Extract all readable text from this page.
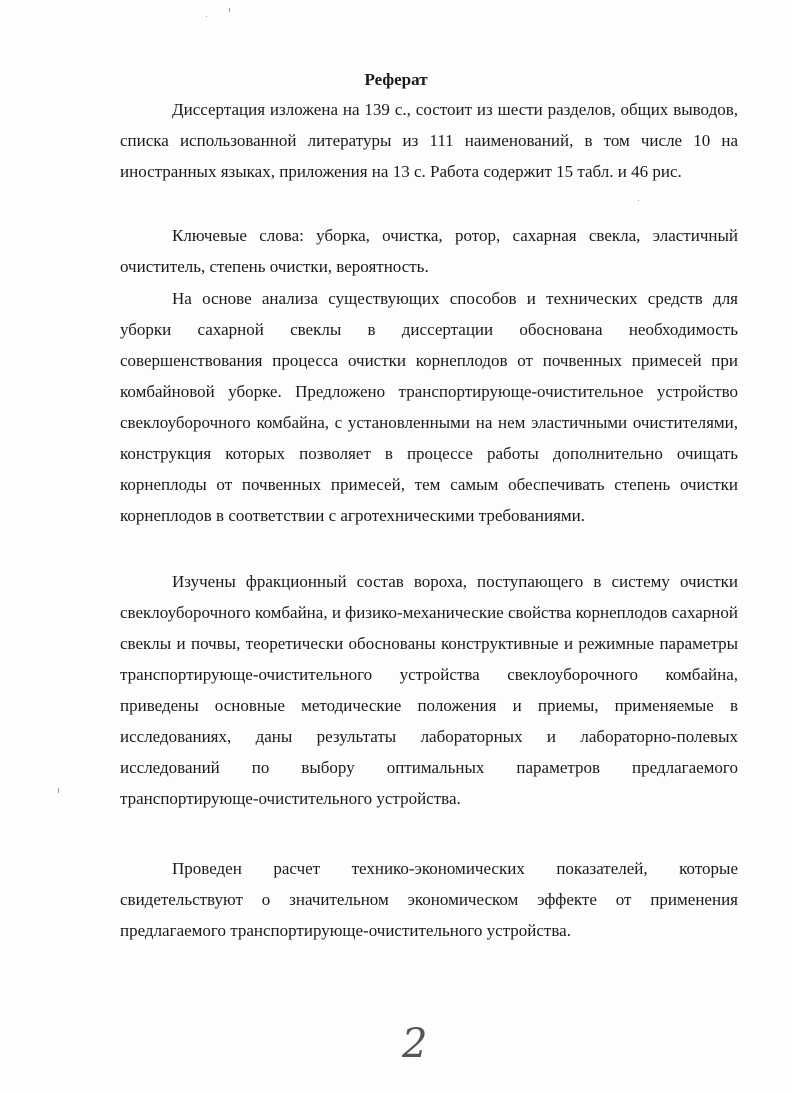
Реферат

Диссертация изложена на 139 с., состоит из шести разделов, общих выводов, списка использованной литературы из 111 наименований, в том числе 10 на иностранных языках, приложения на 13 с. Работа содержит 15 табл. и 46 рис.

Ключевые слова: уборка, очистка, ротор, сахарная свекла, эластичный очиститель, степень очистки, вероятность.

На основе анализа существующих способов и технических средств для уборки сахарной свеклы в диссертации обоснована необходимость совершенствования процесса очистки корнеплодов от почвенных примесей при комбайновой уборке. Предложено транспортирующе-очистительное устройство свеклоуборочного комбайна, с установленными на нем эластичными очистителями, конструкция которых позволяет в процессе работы дополнительно очищать корнеплоды от почвенных примесей, тем самым обеспечивать степень очистки корнеплодов в соответствии с агротехническими требованиями.

Изучены фракционный состав вороха, поступающего в систему очистки свеклоуборочного комбайна, и физико-механические свойства корнеплодов сахарной свеклы и почвы, теоретически обоснованы конструктивные и режимные параметры транспортирующе-очистительного устройства свеклоуборочного комбайна, приведены основные методические положения и приемы, применяемые в исследованиях, даны результаты лабораторных и лабораторно-полевых исследований по выбору оптимальных параметров предлагаемого транспортирующе-очистительного устройства.

Проведен расчет технико-экономических показателей, которые свидетельствуют о значительном экономическом эффекте от применения предлагаемого транспортирующе-очистительного устройства.

2
